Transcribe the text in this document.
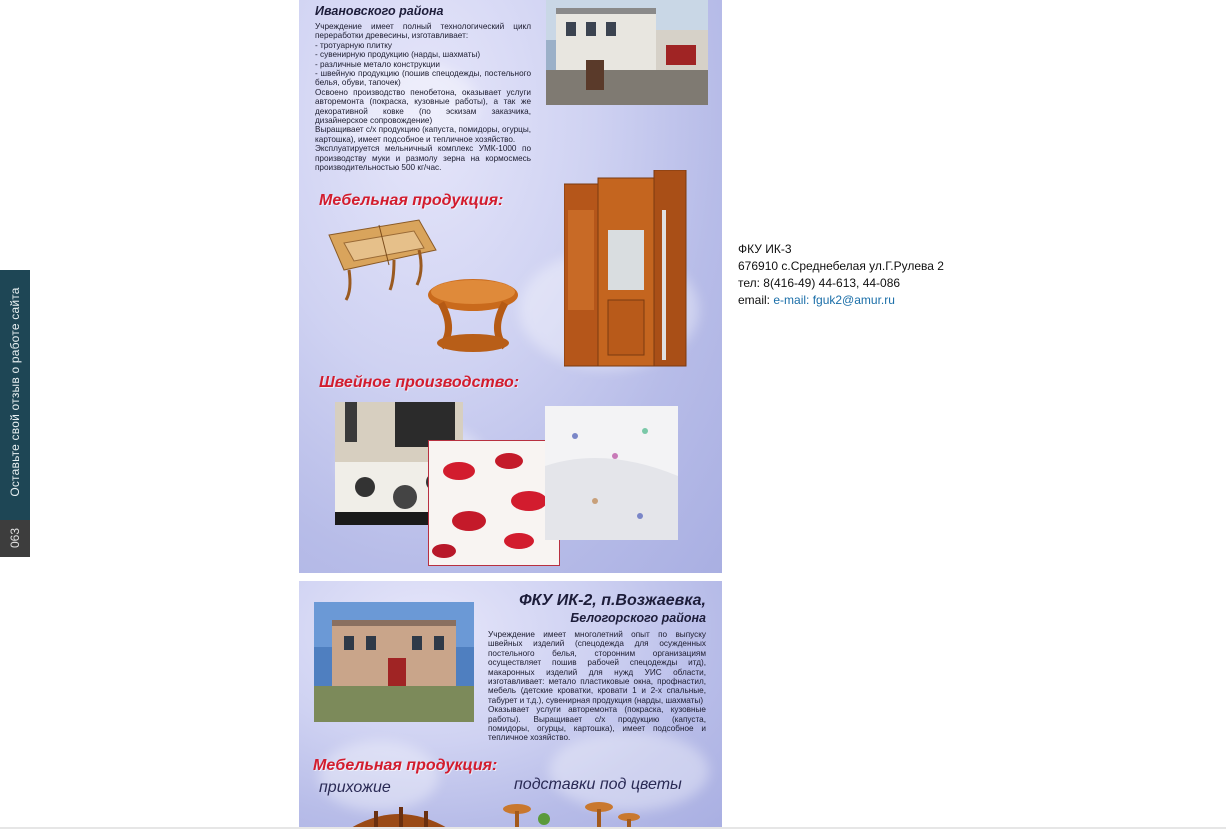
Оставьте свой отзыв о работе сайта
063
Ивановского района

Учреждение имеет полный технологический цикл переработки древесины, изготавливает:
- тротуарную плитку
- сувенирную продукцию (нарды, шахматы)
- различные метало конструкции
- швейную продукцию (пошив спецодежды, постельного белья, обуви, тапочек)
Освоено производство пенобетона, оказывает услуги авторемонта (покраска, кузовные работы), а так же декоративной ковке (по эскизам заказчика, дизайнерское сопровождение)
Выращивает с/х продукцию (капуста, помидоры, огурцы, картошка), имеет подсобное и тепличное хозяйство.
Эксплуатируется мельничный комплекс УМК-1000 по производству муки и размолу зерна на кормосмесь производительностью 500 кг/час.

Мебельная продукция:
Швейное производство:
ФКУ ИК-2, п.Возжаевка,
Белогорского района

Учреждение имеет многолетний опыт по выпуску швейных изделий (спецодежда для осужденных постельного белья, сторонним организациям осуществляет пошив рабочей спецодежды итд), макаронных изделий для нужд УИС области, изготавливает: метало пластиковые окна, профнастил, мебель (детские кроватки, кровати 1 и 2-х спальные, табурет и т.д.), сувенирная продукция (нарды, шахматы)
Оказывает услуги авторемонта (покраска, кузовные работы). Выращивает с/х продукцию (капуста, помидоры, огурцы, картошка), имеет подсобное и тепличное хозяйство.

Мебельная продукция:
прихожие	подставки под цветы
ФКУ ИК-3
676910 с.Среднебелая ул.Г.Рулева 2
тел: 8(416-49) 44-613, 44-086
email: e-mail: fguk2@amur.ru
